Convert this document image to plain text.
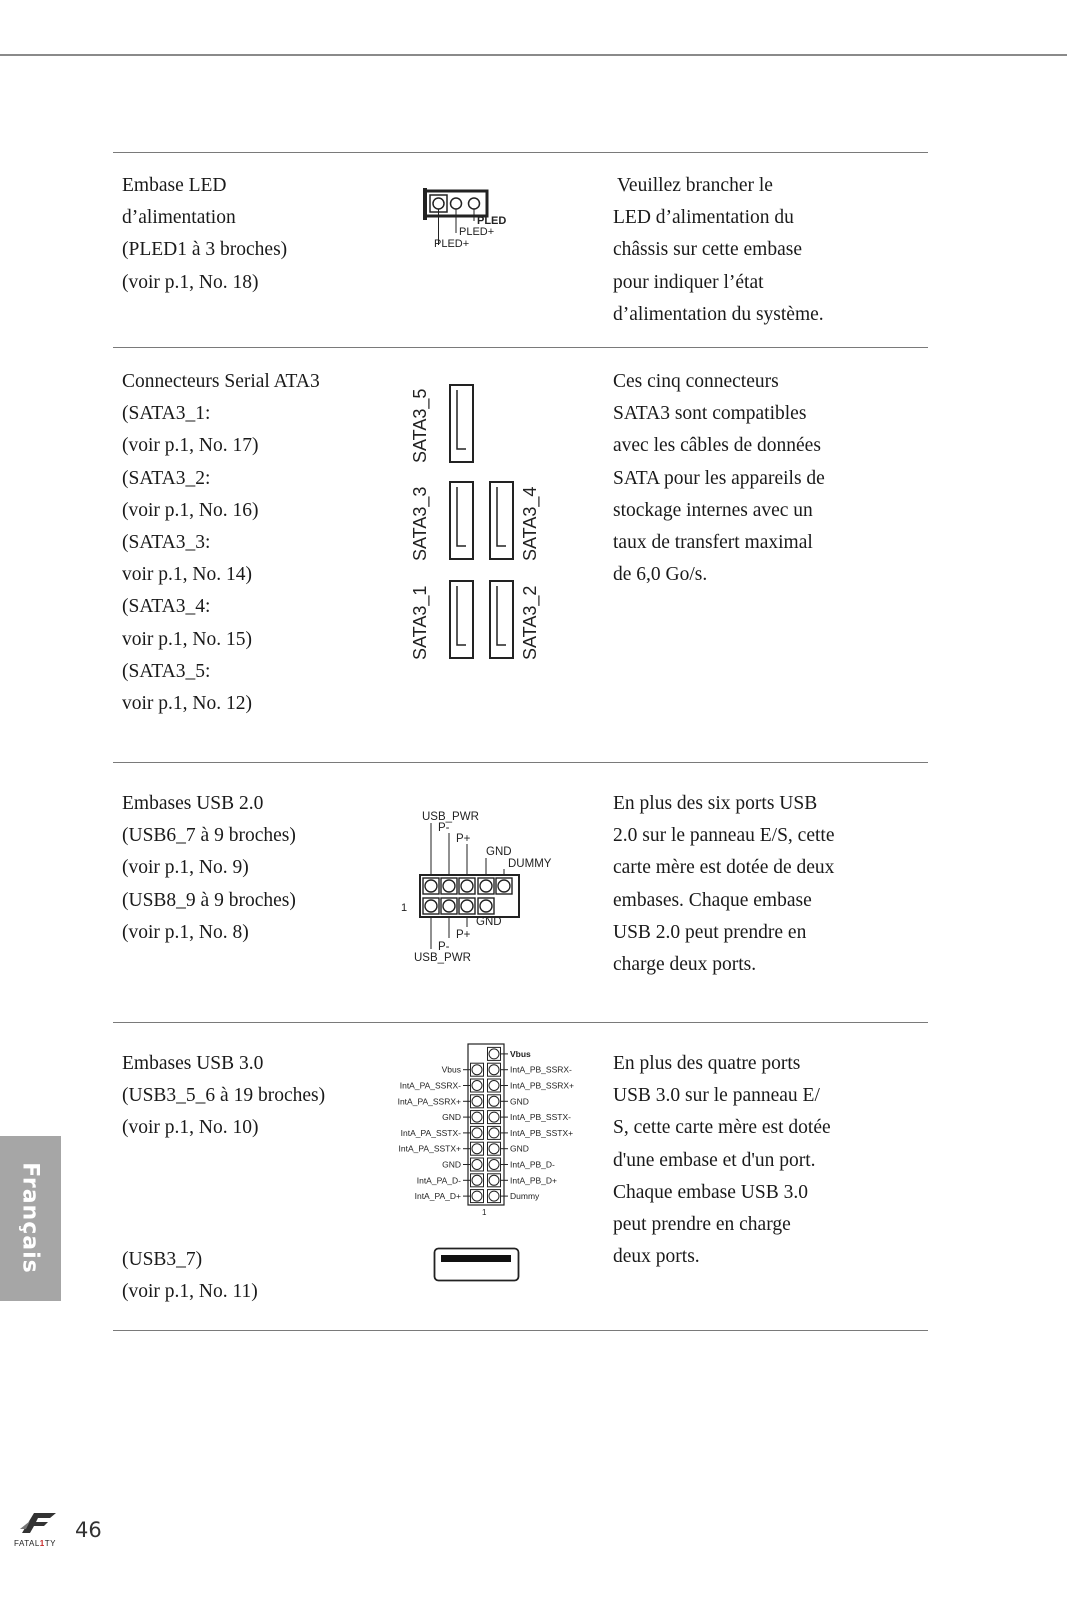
Embase LED
d’alimentation
(PLED1 à 3 broches)
(voir p.1, No. 18)
Veuillez brancher le
LED d’alimentation du
châssis sur cette embase
pour indiquer l’état
d’alimentation du système.
PLED
PLED+
PLED+
Connecteurs Serial ATA3
(SATA3_1:
(voir p.1, No. 17)
(SATA3_2:
(voir p.1, No. 16)
(SATA3_3:
voir p.1, No. 14)
(SATA3_4:
voir p.1, No. 15)
(SATA3_5:
voir p.1, No. 12)
Ces cinq connecteurs
SATA3 sont compatibles
avec les câbles de données
SATA pour les appareils de
stockage internes avec un
taux de transfert maximal
de 6,0 Go/s.
SATA3_5
SATA3_3	SATA3_4
SATA3_1	SATA3_2
Embases USB 2.0
(USB6_7 à 9 broches)
(voir p.1, No. 9)
(USB8_9 à 9 broches)
(voir p.1, No. 8)
En plus des six ports USB
2.0 sur le panneau E/S, cette
carte mère est dotée de deux
embases. Chaque embase
USB 2.0 peut prendre en
charge deux ports.
USB_PWR
P-
P+
GND
DUMMY
1
GND
P+
P-
USB_PWR
Embases USB 3.0
(USB3_5_6 à 19 broches)
(voir p.1, No. 10)
(USB3_7)
(voir p.1, No. 11)
En plus des quatre ports
USB 3.0 sur le panneau E/
S, cette carte mère est dotée
d'une embase et d'un port.
Chaque embase USB 3.0
peut prendre en charge
deux ports.
Vbus
IntA_PA_SSRX-
IntA_PA_SSRX+
GND
IntA_PA_SSTX-
IntA_PA_SSTX+
GND
IntA_PA_D-
IntA_PA_D+
Vbus
IntA_PB_SSRX-
IntA_PB_SSRX+
GND
IntA_PB_SSTX-
IntA_PB_SSTX+
GND
IntA_PB_D-
IntA_PB_D+
Dummy
1
Français
FATAL1TY
46
